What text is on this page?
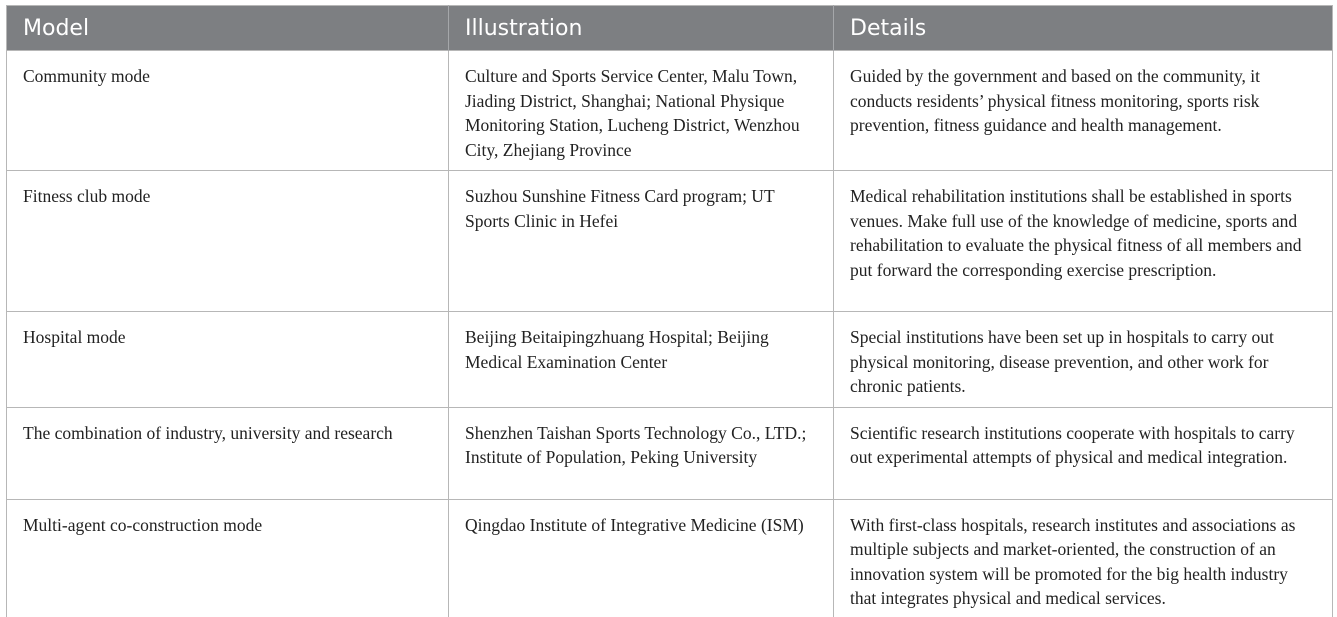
Model	Illustration	Details
Community mode	Culture and Sports Service Center, Malu Town, Jiading District, Shanghai; National Physique Monitoring Station, Lucheng District, Wenzhou City, Zhejiang Province	Guided by the government and based on the community, it conducts residents’ physical fitness monitoring, sports risk prevention, fitness guidance and health management.
Fitness club mode	Suzhou Sunshine Fitness Card program; UT Sports Clinic in Hefei	Medical rehabilitation institutions shall be established in sports venues. Make full use of the knowledge of medicine, sports and rehabilitation to evaluate the physical fitness of all members and put forward the corresponding exercise prescription.
Hospital mode	Beijing Beitaipingzhuang Hospital; Beijing Medical Examination Center	Special institutions have been set up in hospitals to carry out physical monitoring, disease prevention, and other work for chronic patients.
The combination of industry, university and research	Shenzhen Taishan Sports Technology Co., LTD.; Institute of Population, Peking University	Scientific research institutions cooperate with hospitals to carry out experimental attempts of physical and medical integration.
Multi-agent co-construction mode	Qingdao Institute of Integrative Medicine (ISM)	With first-class hospitals, research institutes and associations as multiple subjects and market-oriented, the construction of an innovation system will be promoted for the big health industry that integrates physical and medical services.
